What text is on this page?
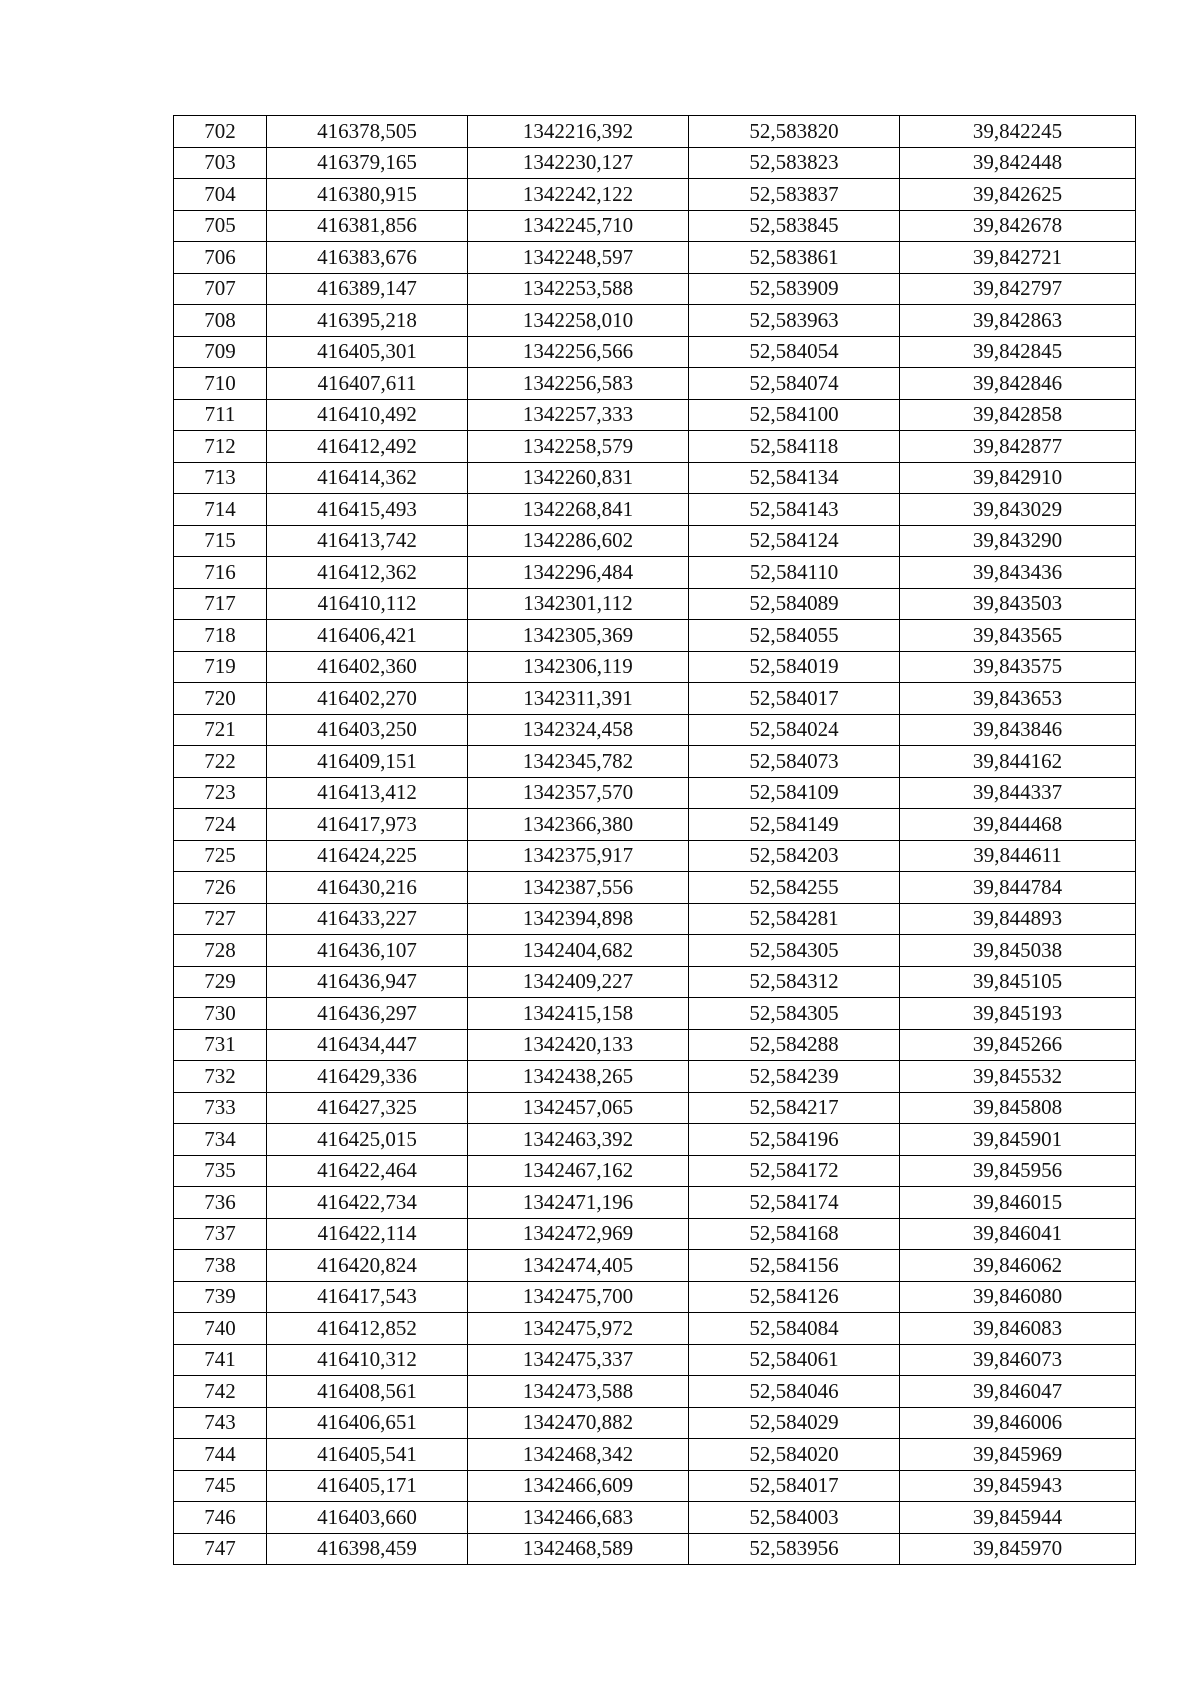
702	416378,505	1342216,392	52,583820	39,842245
703	416379,165	1342230,127	52,583823	39,842448
704	416380,915	1342242,122	52,583837	39,842625
705	416381,856	1342245,710	52,583845	39,842678
706	416383,676	1342248,597	52,583861	39,842721
707	416389,147	1342253,588	52,583909	39,842797
708	416395,218	1342258,010	52,583963	39,842863
709	416405,301	1342256,566	52,584054	39,842845
710	416407,611	1342256,583	52,584074	39,842846
711	416410,492	1342257,333	52,584100	39,842858
712	416412,492	1342258,579	52,584118	39,842877
713	416414,362	1342260,831	52,584134	39,842910
714	416415,493	1342268,841	52,584143	39,843029
715	416413,742	1342286,602	52,584124	39,843290
716	416412,362	1342296,484	52,584110	39,843436
717	416410,112	1342301,112	52,584089	39,843503
718	416406,421	1342305,369	52,584055	39,843565
719	416402,360	1342306,119	52,584019	39,843575
720	416402,270	1342311,391	52,584017	39,843653
721	416403,250	1342324,458	52,584024	39,843846
722	416409,151	1342345,782	52,584073	39,844162
723	416413,412	1342357,570	52,584109	39,844337
724	416417,973	1342366,380	52,584149	39,844468
725	416424,225	1342375,917	52,584203	39,844611
726	416430,216	1342387,556	52,584255	39,844784
727	416433,227	1342394,898	52,584281	39,844893
728	416436,107	1342404,682	52,584305	39,845038
729	416436,947	1342409,227	52,584312	39,845105
730	416436,297	1342415,158	52,584305	39,845193
731	416434,447	1342420,133	52,584288	39,845266
732	416429,336	1342438,265	52,584239	39,845532
733	416427,325	1342457,065	52,584217	39,845808
734	416425,015	1342463,392	52,584196	39,845901
735	416422,464	1342467,162	52,584172	39,845956
736	416422,734	1342471,196	52,584174	39,846015
737	416422,114	1342472,969	52,584168	39,846041
738	416420,824	1342474,405	52,584156	39,846062
739	416417,543	1342475,700	52,584126	39,846080
740	416412,852	1342475,972	52,584084	39,846083
741	416410,312	1342475,337	52,584061	39,846073
742	416408,561	1342473,588	52,584046	39,846047
743	416406,651	1342470,882	52,584029	39,846006
744	416405,541	1342468,342	52,584020	39,845969
745	416405,171	1342466,609	52,584017	39,845943
746	416403,660	1342466,683	52,584003	39,845944
747	416398,459	1342468,589	52,583956	39,845970
